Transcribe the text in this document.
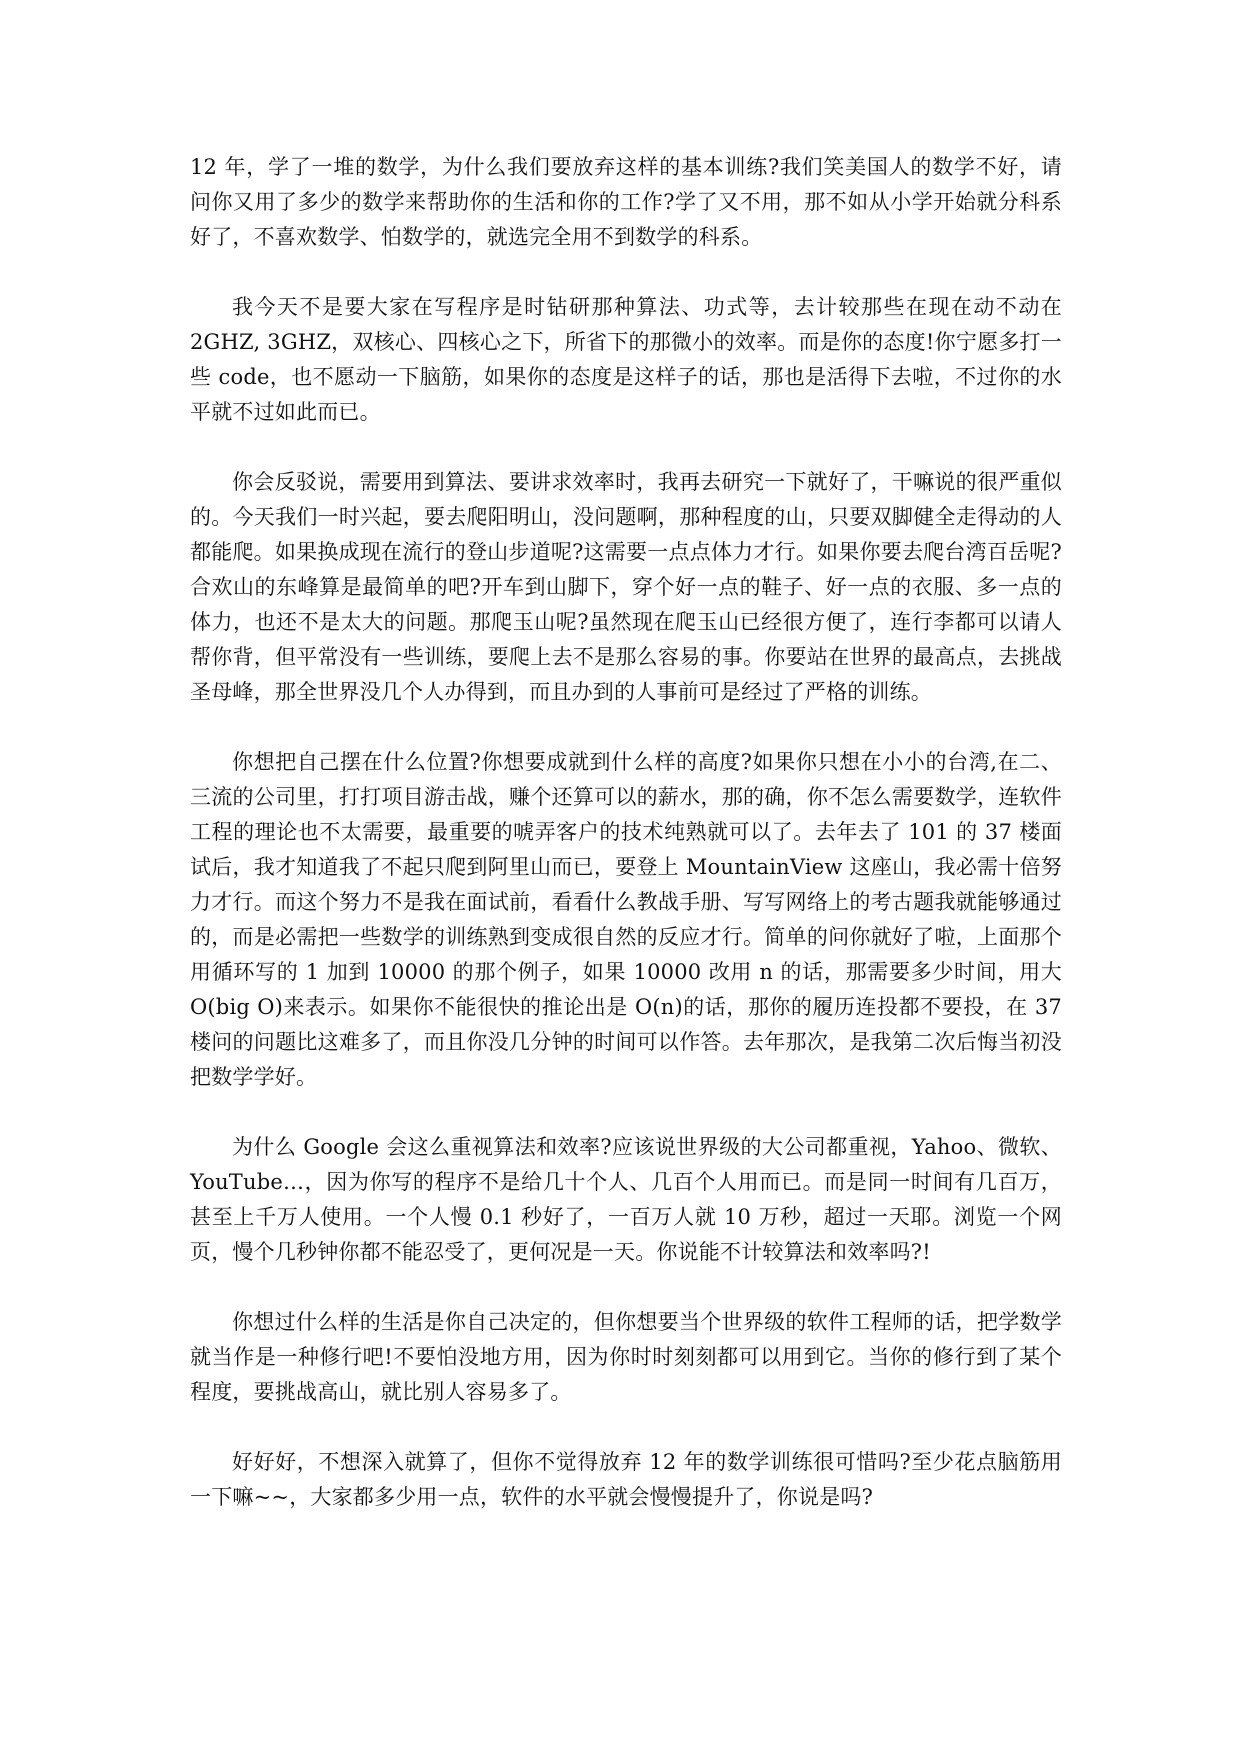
12 年，学了一堆的数学，为什么我们要放弃这样的基本训练?我们笑美国人的数学不好，请问你又用了多少的数学来帮助你的生活和你的工作?学了又不用，那不如从小学开始就分科系好了，不喜欢数学、怕数学的，就选完全用不到数学的科系。

我今天不是要大家在写程序是时钻研那种算法、功式等，去计较那些在现在动不动在2GHZ, 3GHZ，双核心、四核心之下，所省下的那微小的效率。而是你的态度!你宁愿多打一些 code，也不愿动一下脑筋，如果你的态度是这样子的话，那也是活得下去啦，不过你的水平就不过如此而已。

你会反驳说，需要用到算法、要讲求效率时，我再去研究一下就好了，干嘛说的很严重似的。今天我们一时兴起，要去爬阳明山，没问题啊，那种程度的山，只要双脚健全走得动的人都能爬。如果换成现在流行的登山步道呢?这需要一点点体力才行。如果你要去爬台湾百岳呢?合欢山的东峰算是最简单的吧?开车到山脚下，穿个好一点的鞋子、好一点的衣服、多一点的体力，也还不是太大的问题。那爬玉山呢?虽然现在爬玉山已经很方便了，连行李都可以请人帮你背，但平常没有一些训练，要爬上去不是那么容易的事。你要站在世界的最高点，去挑战圣母峰，那全世界没几个人办得到，而且办到的人事前可是经过了严格的训练。

你想把自己摆在什么位置?你想要成就到什么样的高度?如果你只想在小小的台湾,在二、三流的公司里，打打项目游击战，赚个还算可以的薪水，那的确，你不怎么需要数学，连软件工程的理论也不太需要，最重要的唬弄客户的技术纯熟就可以了。去年去了 101 的 37 楼面试后，我才知道我了不起只爬到阿里山而已，要登上 MountainView 这座山，我必需十倍努力才行。而这个努力不是我在面试前，看看什么教战手册、写写网络上的考古题我就能够通过的，而是必需把一些数学的训练熟到变成很自然的反应才行。简单的问你就好了啦，上面那个用循环写的 1 加到 10000 的那个例子，如果 10000 改用 n 的话，那需要多少时间，用大 O(big O)来表示。如果你不能很快的推论出是 O(n)的话，那你的履历连投都不要投，在 37 楼问的问题比这难多了，而且你没几分钟的时间可以作答。去年那次，是我第二次后悔当初没把数学学好。

为什么 Google 会这么重视算法和效率?应该说世界级的大公司都重视，Yahoo、微软、YouTube…，因为你写的程序不是给几十个人、几百个人用而已。而是同一时间有几百万，甚至上千万人使用。一个人慢 0.1 秒好了，一百万人就 10 万秒，超过一天耶。浏览一个网页，慢个几秒钟你都不能忍受了，更何况是一天。你说能不计较算法和效率吗?!

你想过什么样的生活是你自己决定的，但你想要当个世界级的软件工程师的话，把学数学就当作是一种修行吧!不要怕没地方用，因为你时时刻刻都可以用到它。当你的修行到了某个程度，要挑战高山，就比别人容易多了。

好好好，不想深入就算了，但你不觉得放弃 12 年的数学训练很可惜吗?至少花点脑筋用一下嘛~~，大家都多少用一点，软件的水平就会慢慢提升了，你说是吗?
